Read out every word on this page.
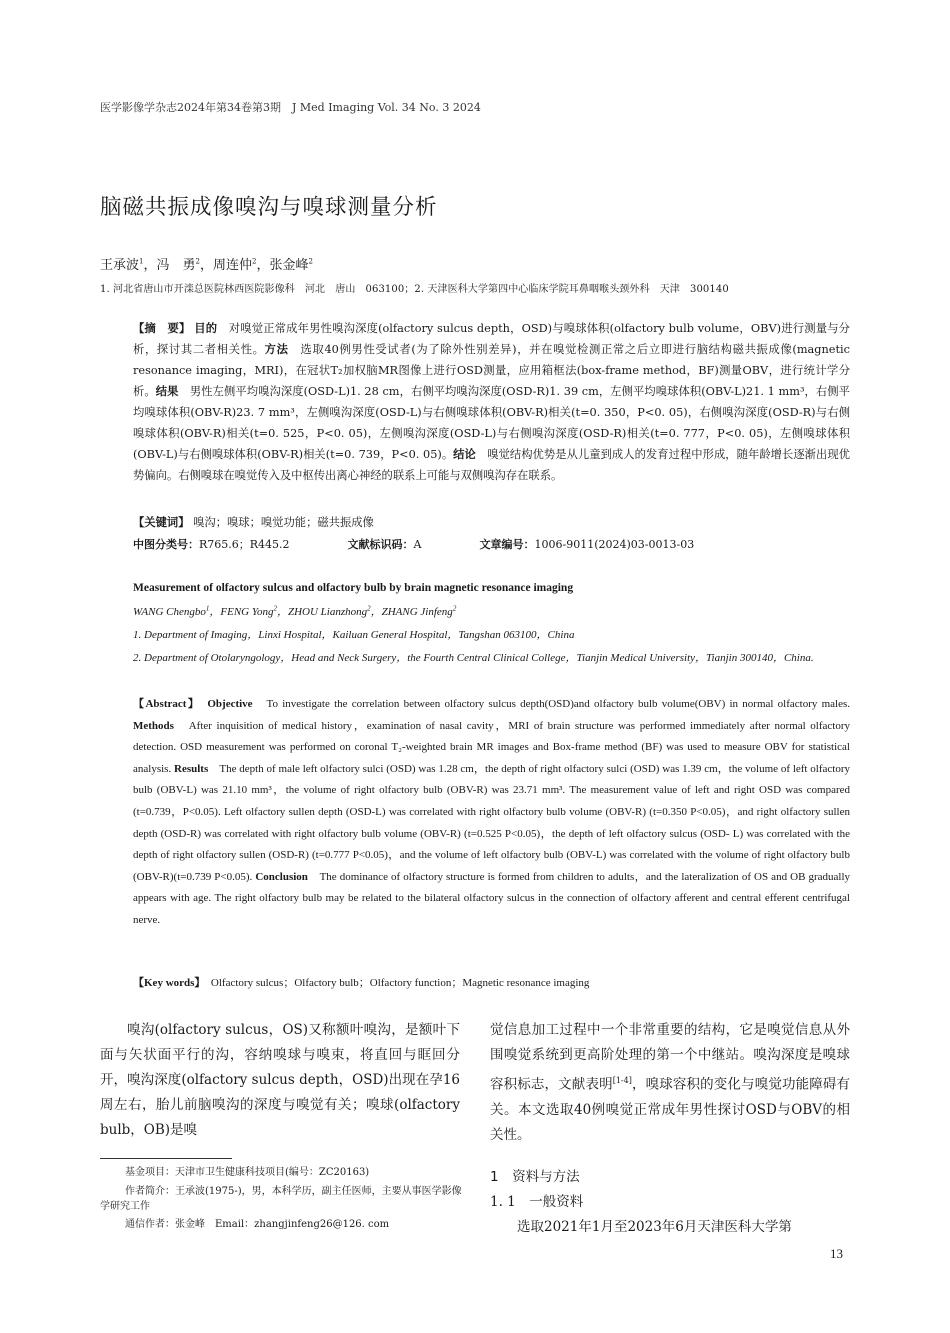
医学影像学杂志2024年第34卷第3期　J Med Imaging Vol. 34 No. 3 2024
脑磁共振成像嗅沟与嗅球测量分析
王承波$^1$，冯　勇$^2$，周连仲$^2$，张金峰$^2$
1. 河北省唐山市开滦总医院林西医院影像科　河北　唐山　063100；2. 天津医科大学第四中心临床学院耳鼻咽喉头颈外科　天津　300140
【摘　要】 目的　 对嗅觉正常成年男性嗅沟深度(olfactory sulcus depth，OSD)与嗅球体积(olfactory bulb volume，OBV)进行测量与分析，探讨其二者相关性。方法　 选取40例男性受试者(为了除外性别差异)，并在嗅觉检测正常之后立即进行脑结构磁共振成像(magnetic resonance imaging，MRI)，在冠状T₂加权脑MR图像上进行OSD测量，应用箱框法(box-frame method，BF)测量OBV，进行统计学分析。结果　 男性左侧平均嗅沟深度(OSD-L)1. 28 cm，右侧平均嗅沟深度(OSD-R)1. 39 cm，左侧平均嗅球体积(OBV-L)21. 1 mm³，右侧平均嗅球体积(OBV-R)23. 7 mm³，左侧嗅沟深度(OSD-L)与右侧嗅球体积(OBV-R)相关(t=0. 350，P<0. 05)，右侧嗅沟深度(OSD-R)与右侧嗅球体积(OBV-R)相关(t=0. 525，P<0. 05)，左侧嗅沟深度(OSD-L)与右侧嗅沟深度(OSD-R)相关(t=0. 777，P<0. 05)，左侧嗅球体积(OBV-L)与右侧嗅球体积(OBV-R)相关(t=0. 739，P<0. 05)。结论　 嗅觉结构优势是从儿童到成人的发育过程中形成，随年龄增长逐渐出现优势偏向。右侧嗅球在嗅觉传入及中枢传出离心神经的联系上可能与双侧嗅沟存在联系。
【关键词】 嗅沟；嗅球；嗅觉功能；磁共振成像
中图分类号：R765.6；R445.2	文献标识码：A	文章编号：1006-9011(2024)03-0013-03
Measurement of olfactory sulcus and olfactory bulb by brain magnetic resonance imaging
WANG Chengbo$^1$，FENG Yong$^2$，ZHOU Lianzhong$^2$，ZHANG Jinfeng$^2$
1. Department of Imaging，Linxi Hospital，Kailuan General Hospital，Tangshan 063100，China
2. Department of Otolaryngology，Head and Neck Surgery，the Fourth Central Clinical College，Tianjin Medical University，Tianjin 300140，China.
【Abstract】　 Objective　 To investigate the correlation between olfactory sulcus depth(OSD)and olfactory bulb volume(OBV) in normal olfactory males. Methods　 After inquisition of medical history，examination of nasal cavity，MRI of brain structure was performed immediately after normal olfactory detection. OSD measurement was performed on coronal T₂-weighted brain MR images and Box-frame method (BF) was used to measure OBV for statistical analysis. Results　 The depth of male left olfactory sulci (OSD) was 1.28 cm，the depth of right olfactory sulci (OSD) was 1.39 cm，the volume of left olfactory bulb (OBV-L) was 21.10 mm³，the volume of right olfactory bulb (OBV-R) was 23.71 mm³. The measurement value of left and right OSD was compared (t=0.739，P<0.05). Left olfactory sullen depth (OSD-L) was correlated with right olfactory bulb volume (OBV-R) (t=0.350 P<0.05)，and right olfactory sullen depth (OSD-R) was correlated with right olfactory bulb volume (OBV-R) (t=0.525 P<0.05)，the depth of left olfactory sulcus (OSD- L) was correlated with the depth of right olfactory sullen (OSD-R) (t=0.777 P<0.05)，and the volume of left olfactory bulb (OBV-L) was correlated with the volume of right olfactory bulb (OBV-R)(t=0.739 P<0.05). Conclusion　 The dominance of olfactory structure is formed from children to adults，and the lateralization of OS and OB gradually appears with age. The right olfactory bulb may be related to the bilateral olfactory sulcus in the connection of olfactory afferent and central efferent centrifugal nerve.
【Key words】　 Olfactory sulcus；Olfactory bulb；Olfactory function；Magnetic resonance imaging
嗅沟(olfactory sulcus，OS)又称额叶嗅沟，是额叶下面与矢状面平行的沟，容纳嗅球与嗅束，将直回与眶回分开，嗅沟深度(olfactory sulcus depth，OSD)出现在孕16周左右，胎儿前脑嗅沟的深度与嗅觉有关；嗅球(olfactory bulb，OB)是嗅

觉信息加工过程中一个非常重要的结构，它是嗅觉信息从外围嗅觉系统到更高阶处理的第一个中继站。嗅沟深度是嗅球容积标志，文献表明[1-4]，嗅球容积的变化与嗅觉功能障碍有关。本文选取40例嗅觉正常成年男性探讨OSD与OBV的相关性。

1　资料与方法
1. 1　一般资料
选取2021年1月至2023年6月天津医科大学第
基金项目：天津市卫生健康科技项目(编号：ZC20163)
作者简介：王承波(1975-)，男，本科学历，副主任医师，主要从事医学影像学研究工作
通信作者：张金峰　Email：zhangjinfeng26@126. com
13
